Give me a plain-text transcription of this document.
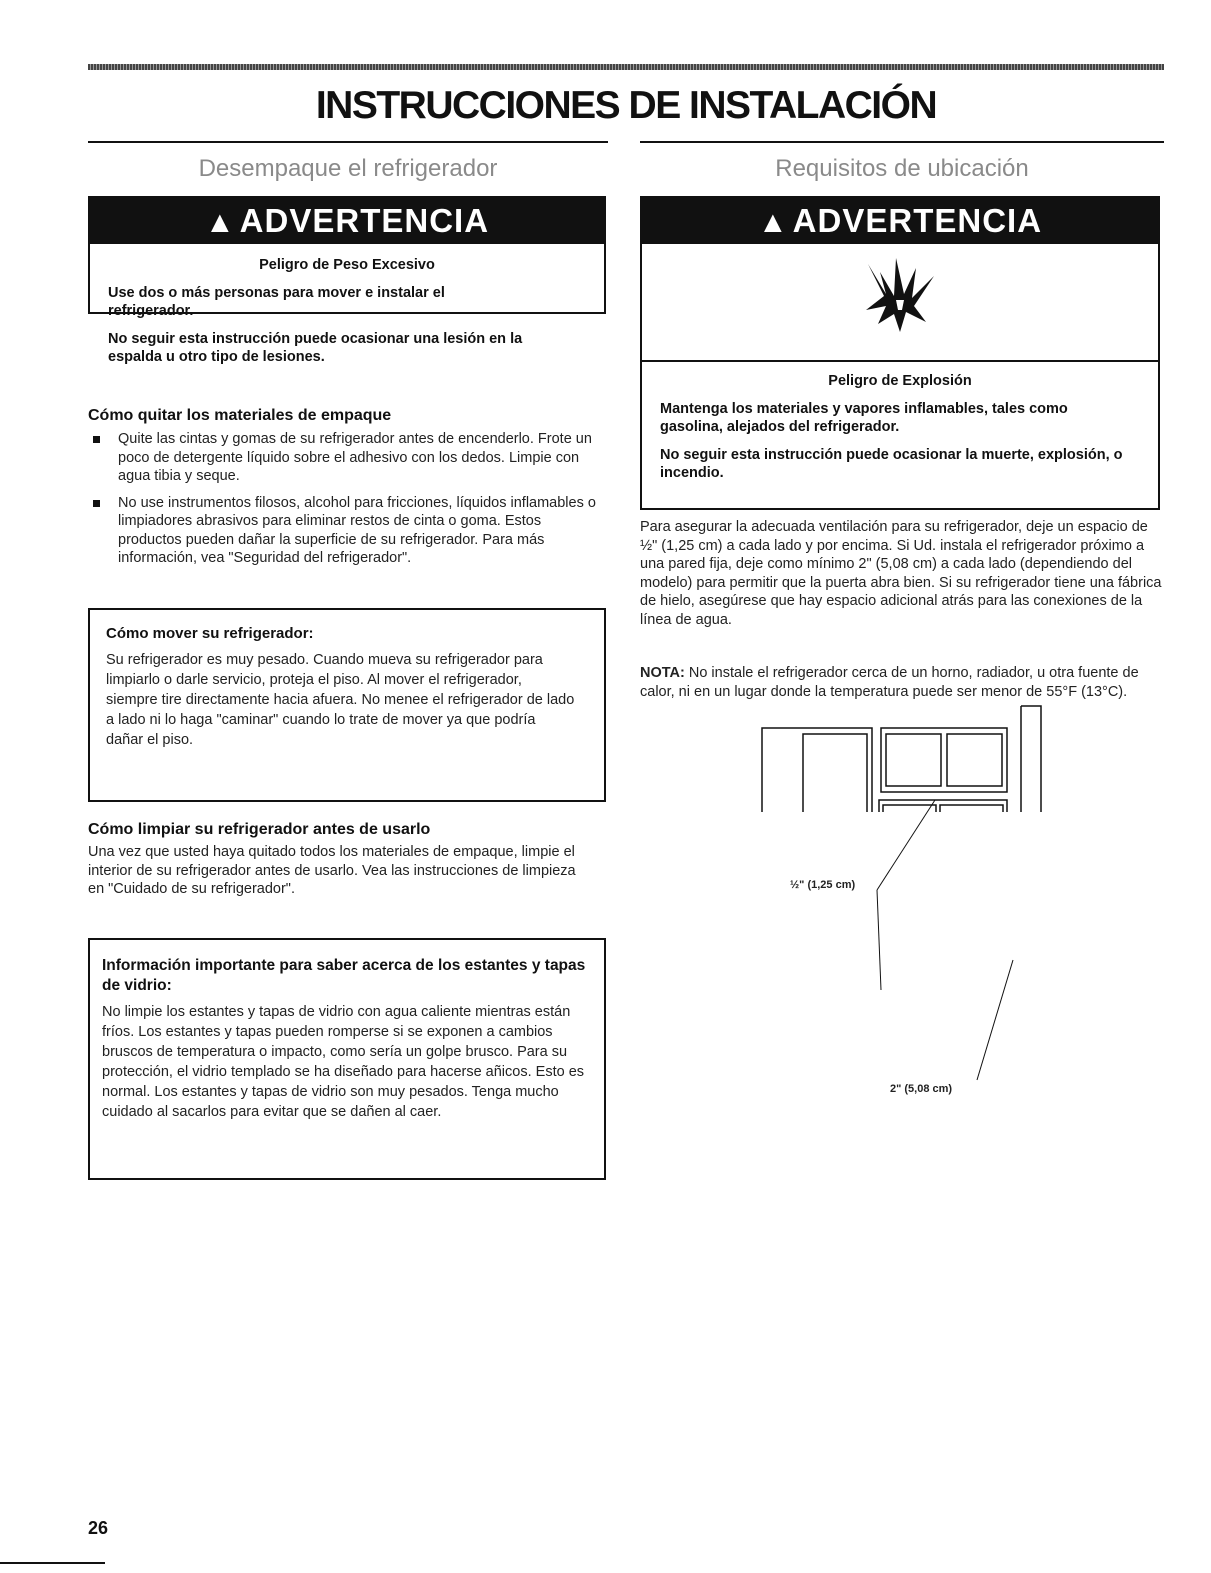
INSTRUCCIONES DE INSTALACIÓN
Desempaque el refrigerador
▲ ADVERTENCIA

Peligro de Peso Excesivo

Use dos o más personas para mover e instalar el refrigerador.

No seguir esta instrucción puede ocasionar una lesión en la espalda u otro tipo de lesiones.

Cómo quitar los materiales de empaque
Quite las cintas y gomas de su refrigerador antes de encenderlo. Frote un poco de detergente líquido sobre el adhesivo con los dedos. Limpie con agua tibia y seque.
No use instrumentos filosos, alcohol para fricciones, líquidos inflamables o limpiadores abrasivos para eliminar restos de cinta o goma. Estos productos pueden dañar la superficie de su refrigerador. Para más información, vea "Seguridad del refrigerador".

Cómo mover su refrigerador:

Su refrigerador es muy pesado. Cuando mueva su refrigerador para limpiarlo o darle servicio, proteja el piso. Al mover el refrigerador, siempre tire directamente hacia afuera. No menee el refrigerador de lado a lado ni lo haga "caminar" cuando lo trate de mover ya que podría dañar el piso.

Cómo limpiar su refrigerador antes de usarlo
Una vez que usted haya quitado todos los materiales de empaque, limpie el interior de su refrigerador antes de usarlo. Vea las instrucciones de limpieza en "Cuidado de su refrigerador".

Información importante para saber acerca de los estantes y tapas de vidrio:

No limpie los estantes y tapas de vidrio con agua caliente mientras están fríos. Los estantes y tapas pueden romperse si se exponen a cambios bruscos de temperatura o impacto, como sería un golpe brusco. Para su protección, el vidrio templado se ha diseñado para hacerse añicos. Esto es normal. Los estantes y tapas de vidrio son muy pesados. Tenga mucho cuidado al sacarlos para evitar que se dañen al caer.

Requisitos de ubicación
▲ ADVERTENCIA

Peligro de Explosión

Mantenga los materiales y vapores inflamables, tales como gasolina, alejados del refrigerador.

No seguir esta instrucción puede ocasionar la muerte, explosión, o incendio.

Para asegurar la adecuada ventilación para su refrigerador, deje un espacio de ½" (1,25 cm) a cada lado y por encima. Si Ud. instala el refrigerador próximo a una pared fija, deje como mínimo 2" (5,08 cm) a cada lado (dependiendo del modelo) para permitir que la puerta abra bien. Si su refrigerador tiene una fábrica de hielo, asegúrese que hay espacio adicional atrás para las conexiones de la línea de agua.
NOTA: No instale el refrigerador cerca de un horno, radiador, u otra fuente de calor, ni en un lugar donde la temperatura puede ser menor de 55°F (13°C).
½" (1,25 cm)
2" (5,08 cm)
26
